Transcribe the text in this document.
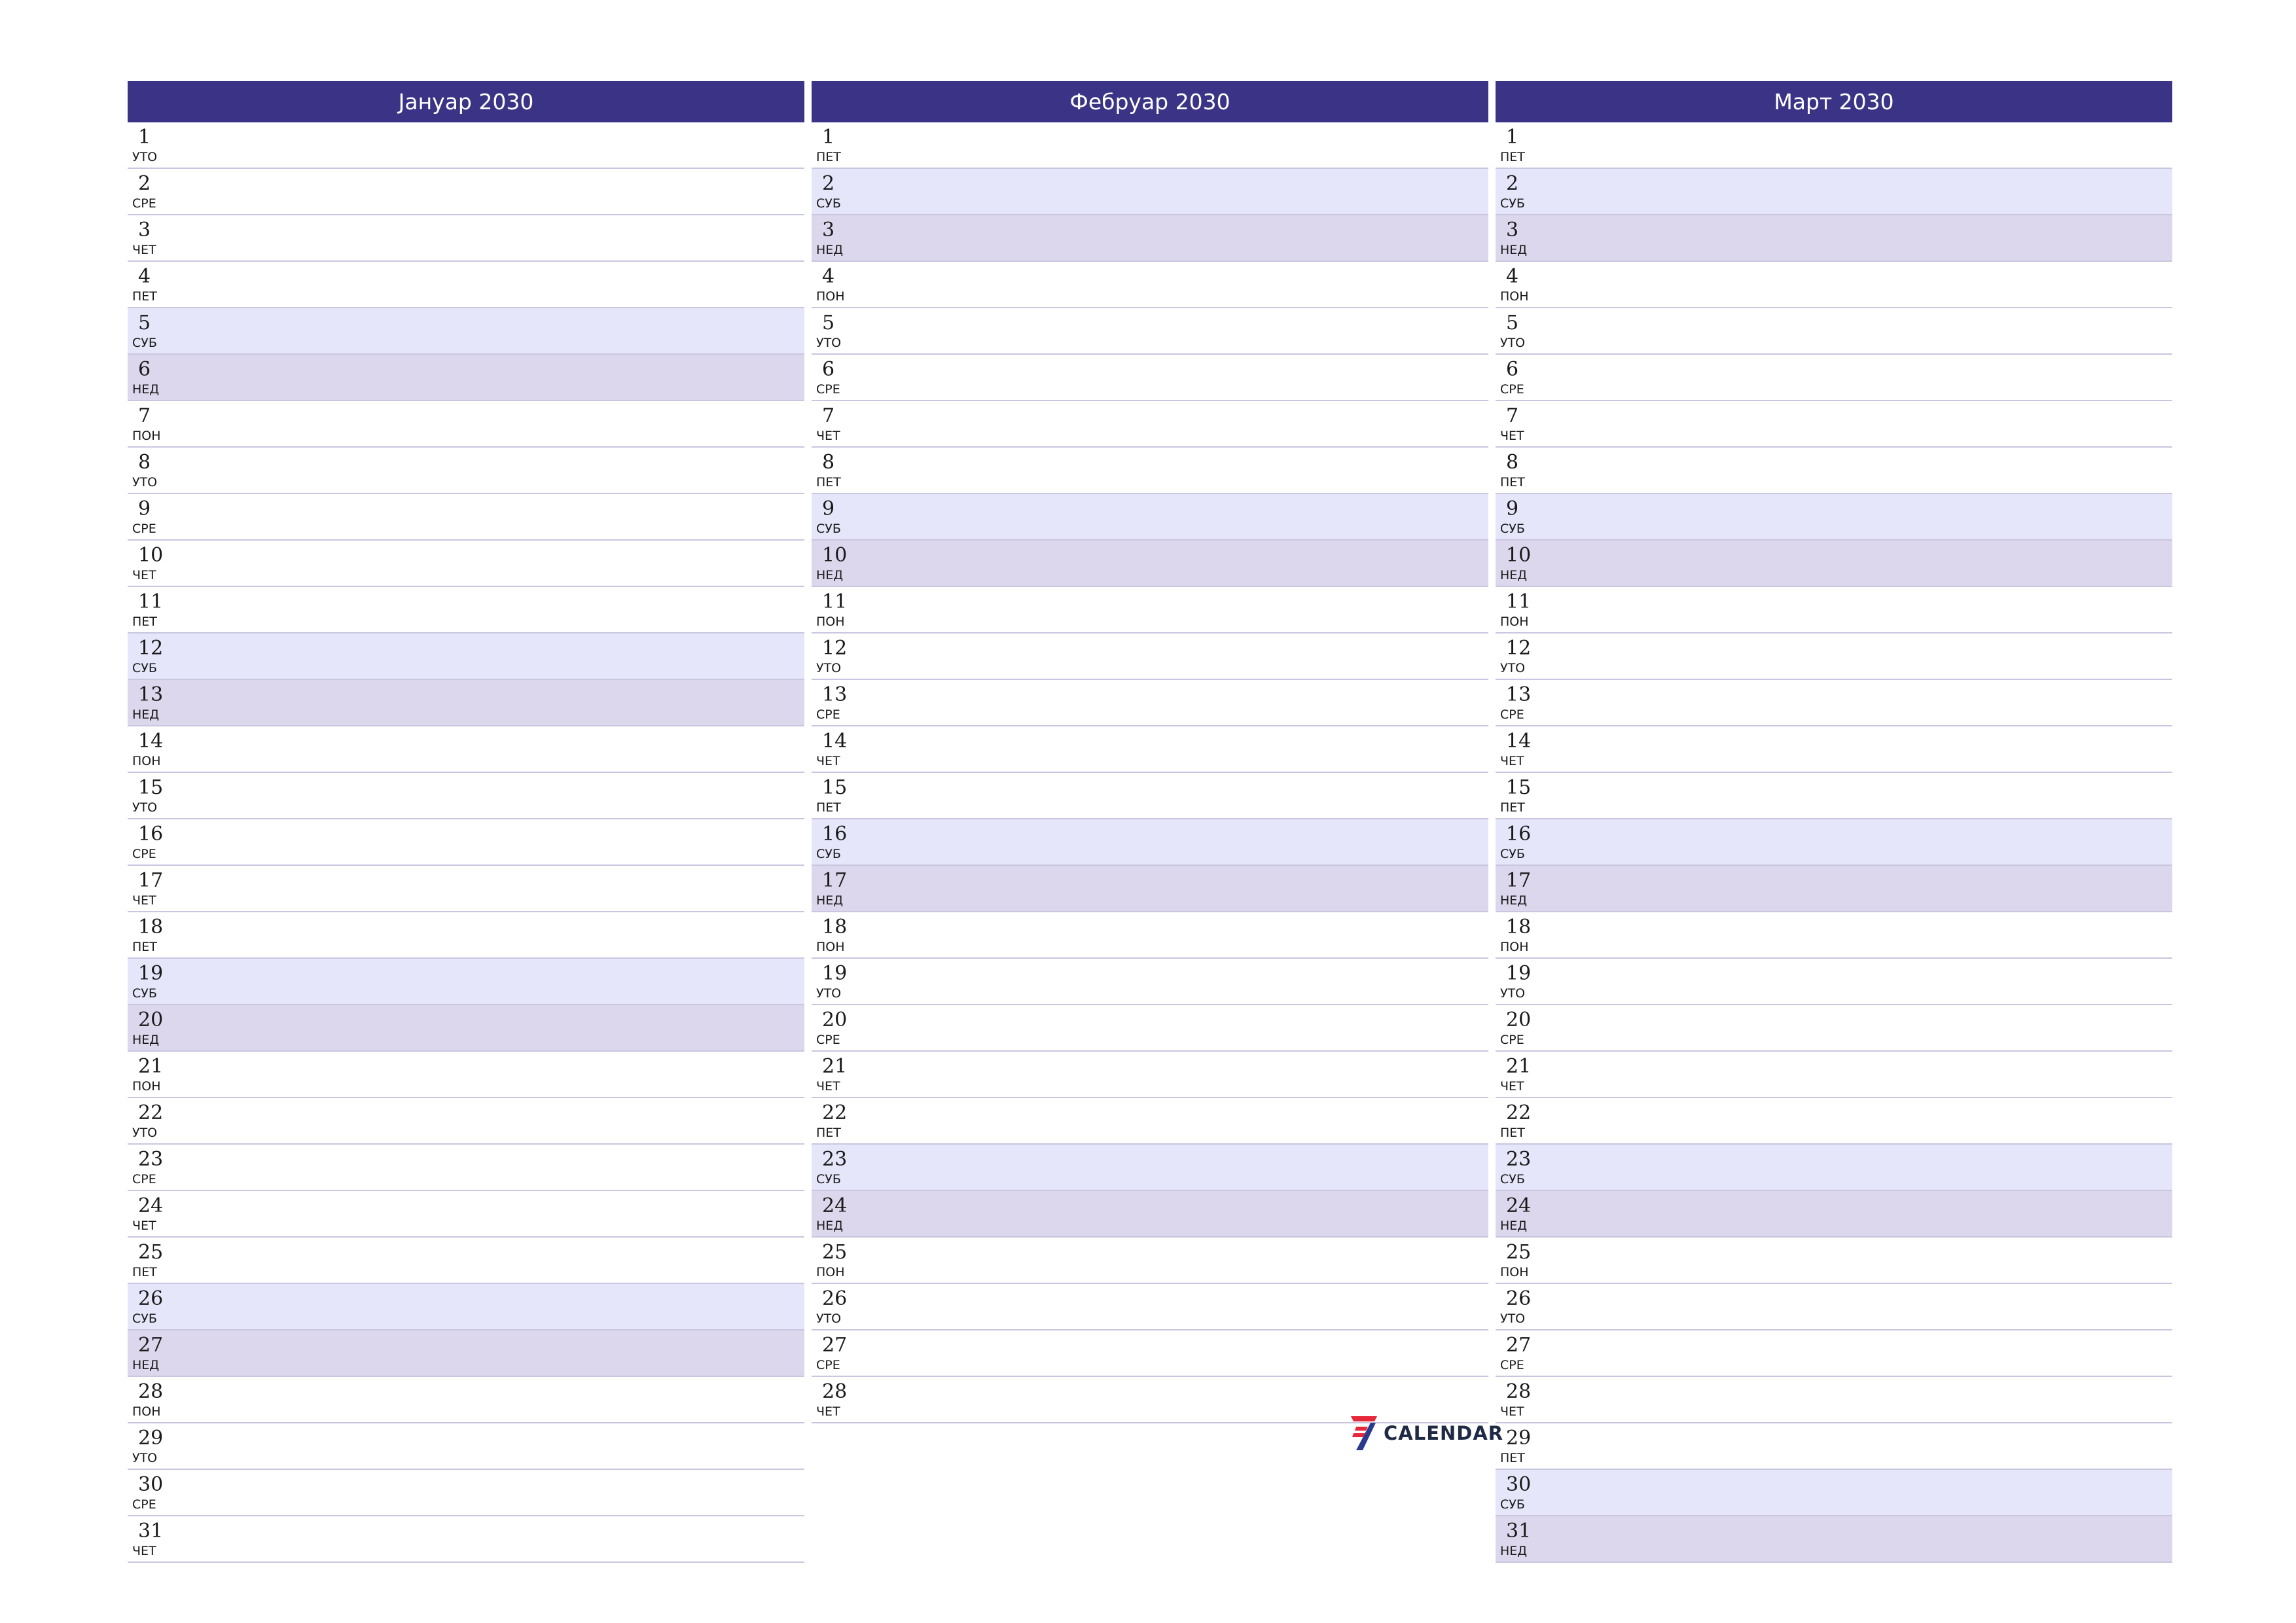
Јануар 2030
1
УТО
2
СРЕ
3
ЧЕТ
4
ПЕТ
5
СУБ
6
НЕД
7
ПОН
8
УТО
9
СРЕ
10
ЧЕТ
11
ПЕТ
12
СУБ
13
НЕД
14
ПОН
15
УТО
16
СРЕ
17
ЧЕТ
18
ПЕТ
19
СУБ
20
НЕД
21
ПОН
22
УТО
23
СРЕ
24
ЧЕТ
25
ПЕТ
26
СУБ
27
НЕД
28
ПОН
29
УТО
30
СРЕ
31
ЧЕТ
Фебруар 2030
1
ПЕТ
2
СУБ
3
НЕД
4
ПОН
5
УТО
6
СРЕ
7
ЧЕТ
8
ПЕТ
9
СУБ
10
НЕД
11
ПОН
12
УТО
13
СРЕ
14
ЧЕТ
15
ПЕТ
16
СУБ
17
НЕД
18
ПОН
19
УТО
20
СРЕ
21
ЧЕТ
22
ПЕТ
23
СУБ
24
НЕД
25
ПОН
26
УТО
27
СРЕ
28
ЧЕТ
Март 2030
1
ПЕТ
2
СУБ
3
НЕД
4
ПОН
5
УТО
6
СРЕ
7
ЧЕТ
8
ПЕТ
9
СУБ
10
НЕД
11
ПОН
12
УТО
13
СРЕ
14
ЧЕТ
15
ПЕТ
16
СУБ
17
НЕД
18
ПОН
19
УТО
20
СРЕ
21
ЧЕТ
22
ПЕТ
23
СУБ
24
НЕД
25
ПОН
26
УТО
27
СРЕ
28
ЧЕТ
29
ПЕТ
30
СУБ
31
НЕД
CALENDAR
